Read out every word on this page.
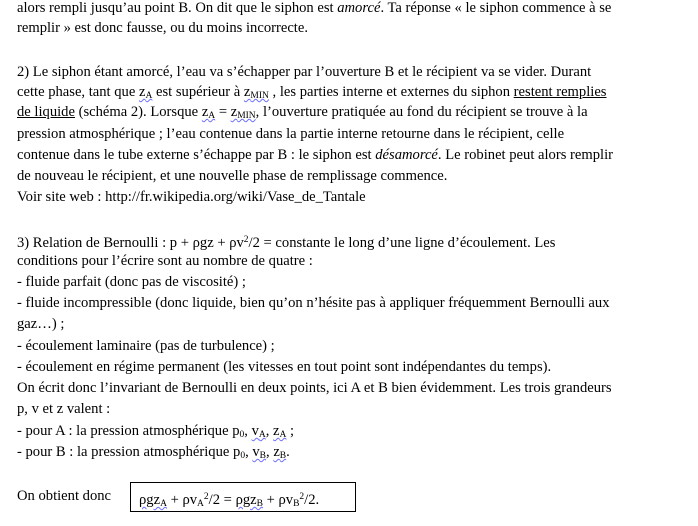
alors rempli jusqu’au point B. On dit que le siphon est amorcé. Ta réponse « le siphon commence à se
remplir » est donc fausse, ou du moins incorrecte.
2) Le siphon étant amorcé, l’eau va s’échapper par l’ouverture B et le récipient va se vider. Durant
cette phase, tant que $z_A$ est supérieur à $z_{MIN}$ , les parties interne et externes du siphon restent remplies
de liquide (schéma 2). Lorsque $z_A = z_{MIN}$, l’ouverture pratiquée au fond du récipient se trouve à la
pression atmosphérique ; l’eau contenue dans la partie interne retourne dans le récipient, celle
contenue dans le tube externe s’échappe par B : le siphon est désamorcé. Le robinet peut alors remplir
de nouveau le récipient, et une nouvelle phase de remplissage commence.
Voir site web : http://fr.wikipedia.org/wiki/Vase_de_Tantale
3) Relation de Bernoulli : $p + \rho gz + \rho v^2/2$ = constante le long d’une ligne d’écoulement. Les
conditions pour l’écrire sont au nombre de quatre :
- fluide parfait (donc pas de viscosité) ;
- fluide incompressible (donc liquide, bien qu’on n’hésite pas à appliquer fréquemment Bernoulli aux
gaz…) ;
- écoulement laminaire (pas de turbulence) ;
- écoulement en régime permanent (les vitesses en tout point sont indépendantes du temps).
On écrit donc l’invariant de Bernoulli en deux points, ici A et B bien évidemment. Les trois grandeurs
p, v et z valent :
- pour A : la pression atmosphérique $p_0$, $v_A$, $z_A$ ;
- pour B : la pression atmosphérique $p_0$, $v_B$, $z_B$.
On obtient donc	$\rho gz_A + \rho v_A^2/2 = \rho gz_B + \rho v_B^2/2$.
